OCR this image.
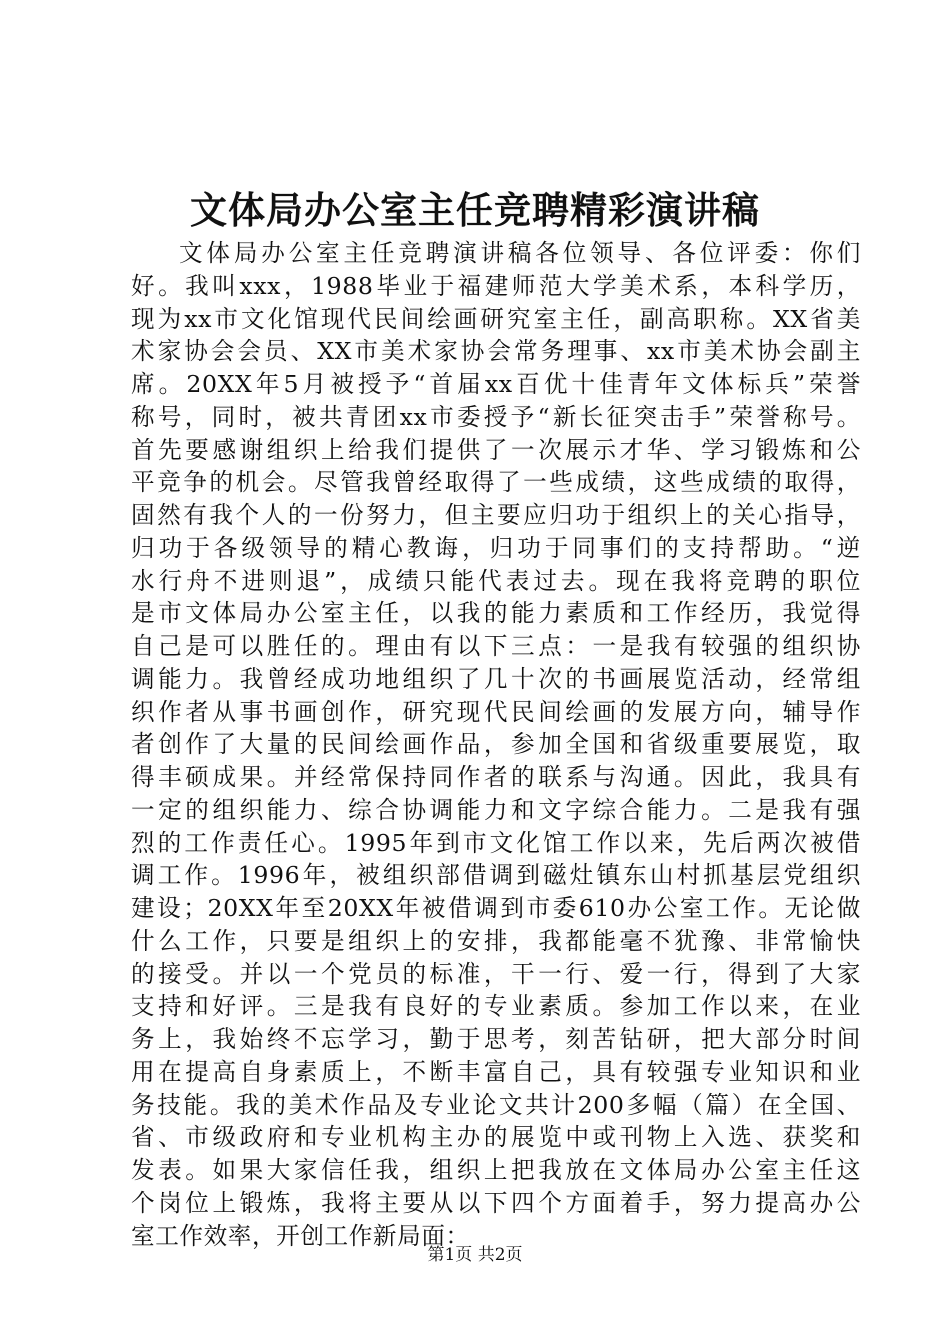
文体局办公室主任竞聘精彩演讲稿
文体局办公室主任竞聘演讲稿各位领导、各位评委：你们
好。我叫xxx，1988毕业于福建师范大学美术系，本科学历，
现为xx市文化馆现代民间绘画研究室主任，副高职称。XX省美
术家协会会员、XX市美术家协会常务理事、xx市美术协会副主
席。20XX年5月被授予“首届xx百优十佳青年文体标兵”荣誉
称号，同时，被共青团xx市委授予“新长征突击手”荣誉称号。
首先要感谢组织上给我们提供了一次展示才华、学习锻炼和公
平竞争的机会。尽管我曾经取得了一些成绩，这些成绩的取得，
固然有我个人的一份努力，但主要应归功于组织上的关心指导，
归功于各级领导的精心教诲，归功于同事们的支持帮助。“逆
水行舟不进则退”，成绩只能代表过去。现在我将竞聘的职位
是市文体局办公室主任，以我的能力素质和工作经历，我觉得
自己是可以胜任的。理由有以下三点：一是我有较强的组织协
调能力。我曾经成功地组织了几十次的书画展览活动，经常组
织作者从事书画创作，研究现代民间绘画的发展方向，辅导作
者创作了大量的民间绘画作品，参加全国和省级重要展览，取
得丰硕成果。并经常保持同作者的联系与沟通。因此，我具有
一定的组织能力、综合协调能力和文字综合能力。二是我有强
烈的工作责任心。1995年到市文化馆工作以来，先后两次被借
调工作。1996年，被组织部借调到磁灶镇东山村抓基层党组织
建设；20XX年至20XX年被借调到市委610办公室工作。无论做
什么工作，只要是组织上的安排，我都能毫不犹豫、非常愉快
的接受。并以一个党员的标准，干一行、爱一行，得到了大家
支持和好评。三是我有良好的专业素质。参加工作以来，在业
务上，我始终不忘学习，勤于思考，刻苦钻研，把大部分时间
用在提高自身素质上，不断丰富自己，具有较强专业知识和业
务技能。我的美术作品及专业论文共计200多幅（篇）在全国、
省、市级政府和专业机构主办的展览中或刊物上入选、获奖和
发表。如果大家信任我，组织上把我放在文体局办公室主任这
个岗位上锻炼，我将主要从以下四个方面着手，努力提高办公
室工作效率，开创工作新局面：
第1页 共2页
